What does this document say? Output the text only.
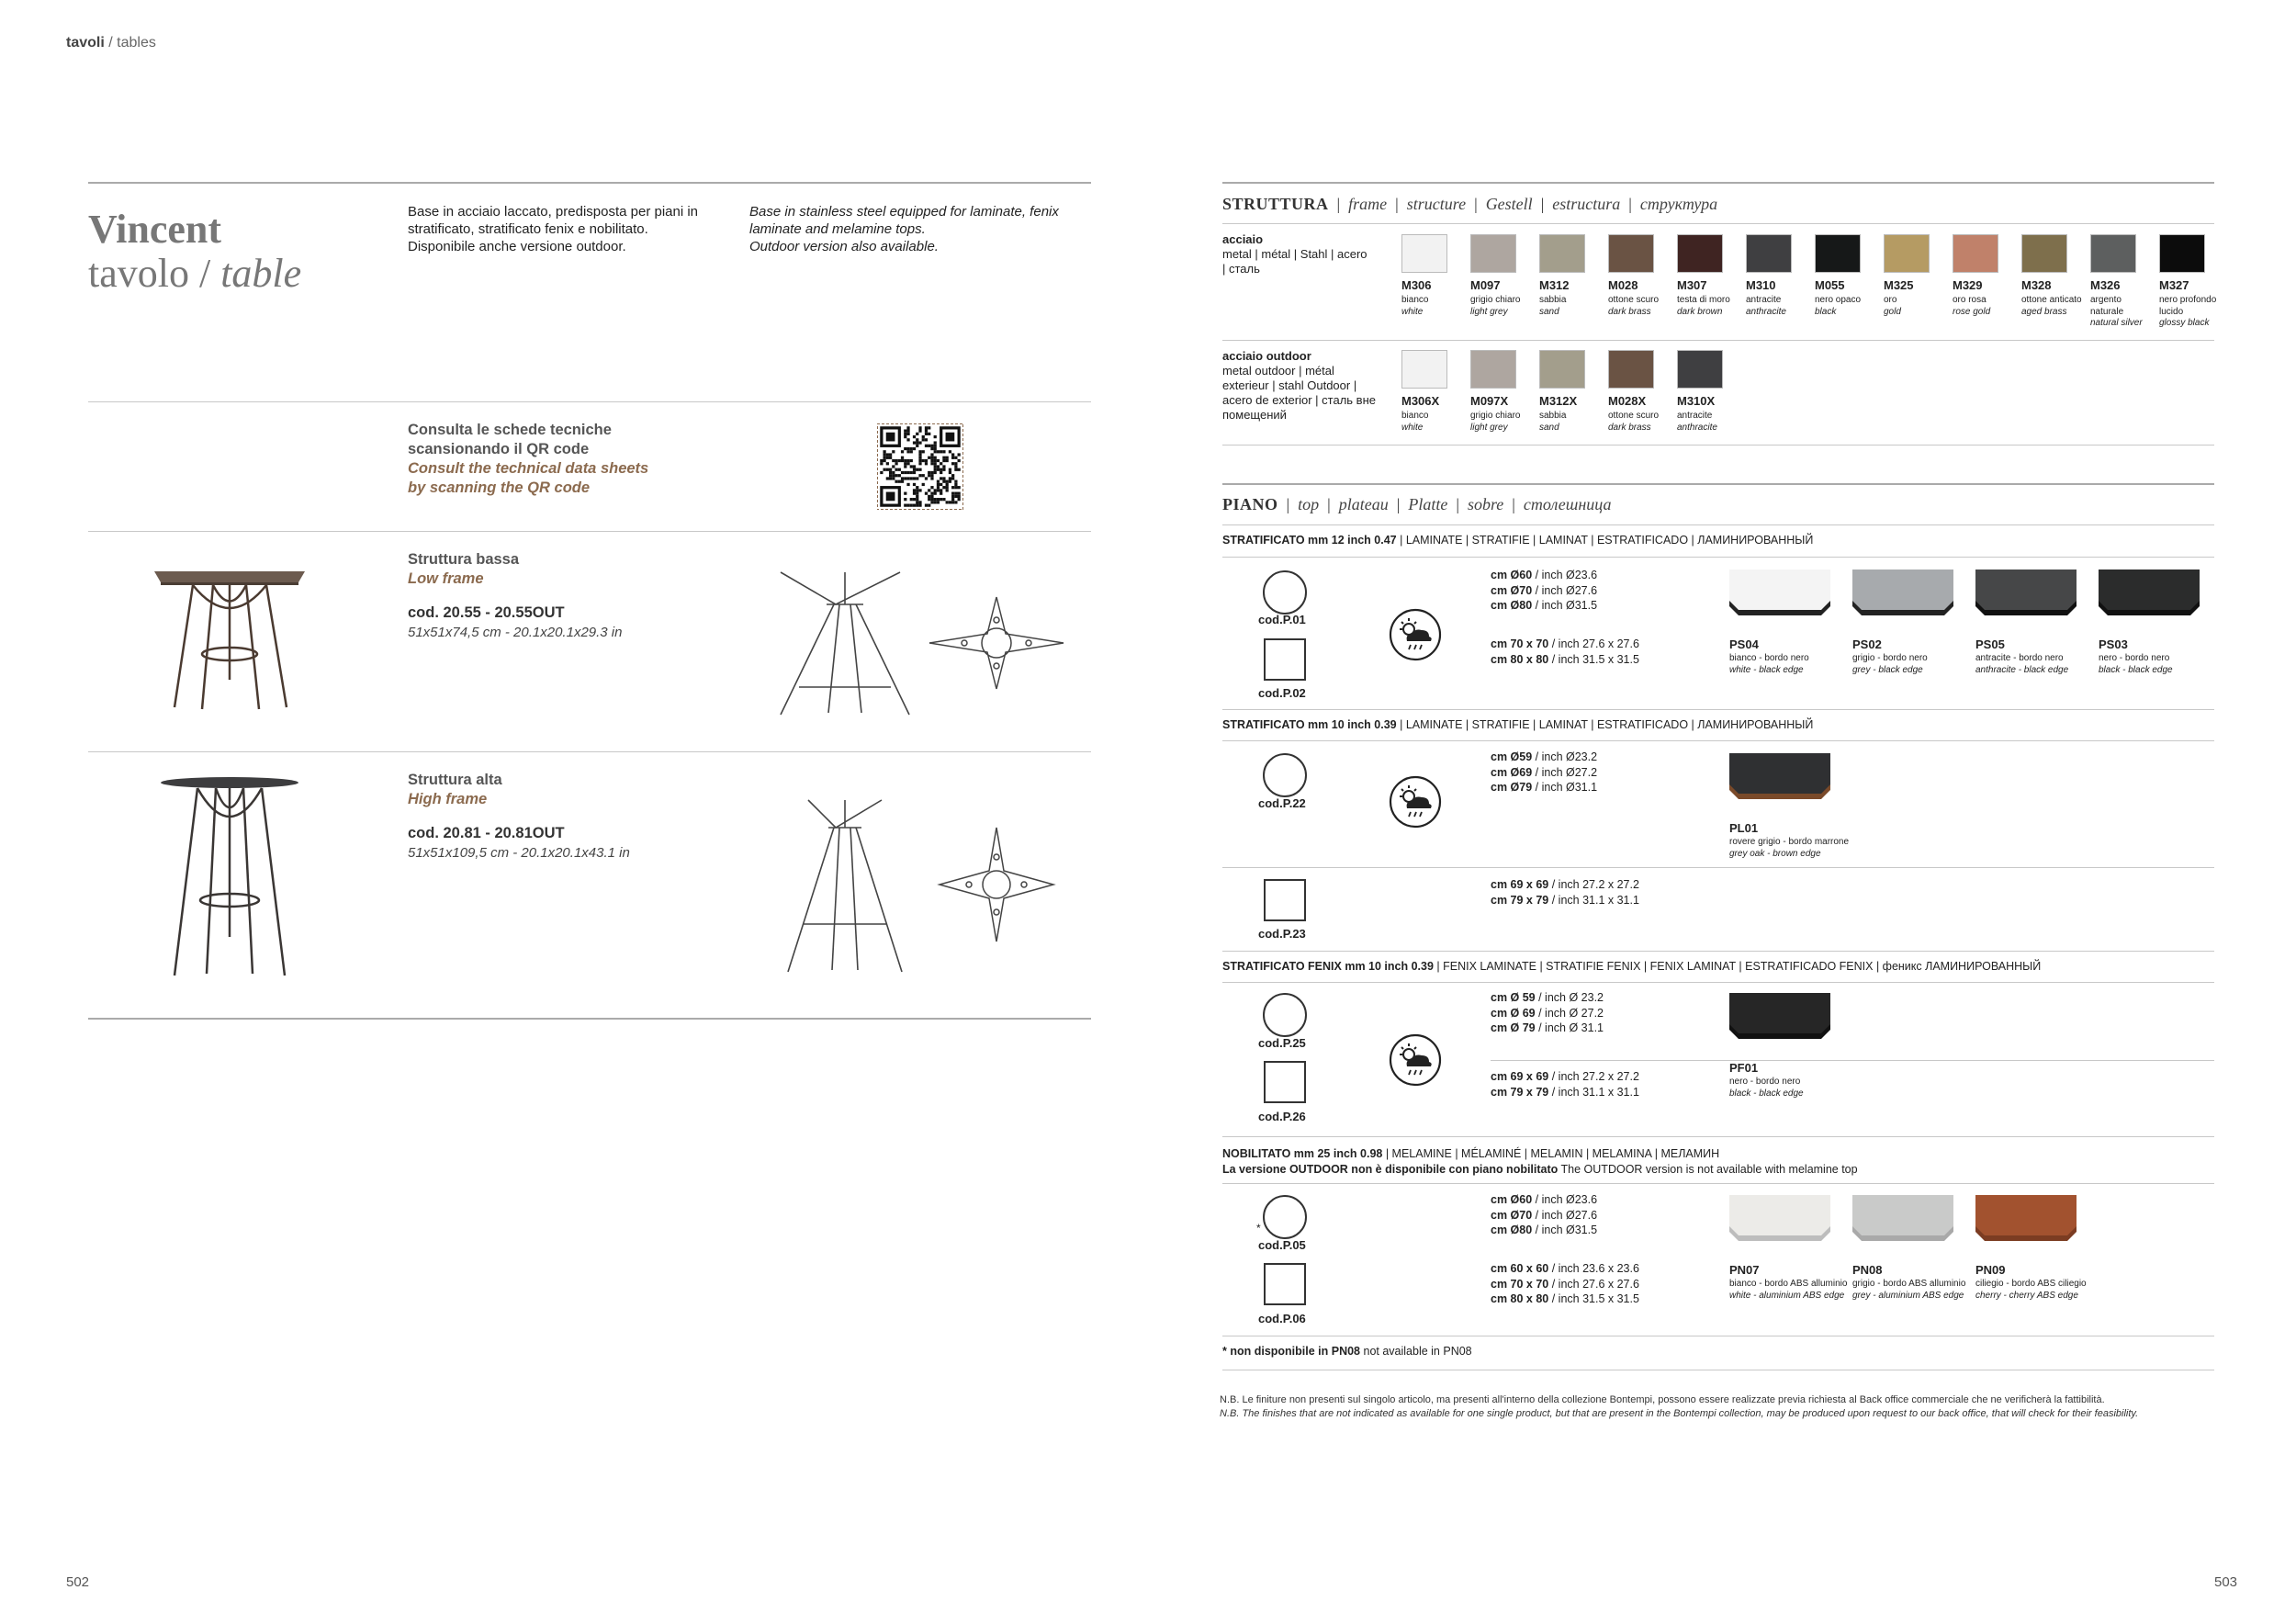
tavoli / tables
Vincent
tavolo / table
Base in acciaio laccato, predisposta per piani in
stratificato, stratificato fenix e nobilitato.
Disponibile anche versione outdoor.
Base in stainless steel equipped for laminate, fenix
laminate and melamine tops.
Outdoor version also available.
Consulta le schede tecniche
scansionando il QR code
Consult the technical data sheets
by scanning the QR code
Struttura bassa
Low frame
cod. 20.55 - 20.55OUT
51x51x74,5 cm - 20.1x20.1x29.3 in
Struttura alta
High frame
cod. 20.81 - 20.81OUT
51x51x109,5 cm - 20.1x20.1x43.1 in
502
STRUTTURA  |  frame  |  structure  |  Gestell  |  estructura  |  структура
acciaio
metal | métal | Stahl | acero
| сталь
M306
bianco
white
M097
grigio chiaro
light grey
M312
sabbia
sand
M028
ottone scuro
dark brass
M307
testa di moro
dark brown
M310
antracite
anthracite
M055
nero opaco
black
M325
oro
gold
M329
oro rosa
rose gold
M328
ottone anticato
aged brass
M326
argento naturale
natural silver
M327
nero profondo lucido
glossy black
acciaio outdoor
metal outdoor | métal
exterieur | stahl Outdoor |
acero de exterior | сталь вне
помещений
M306X
bianco
white
M097X
grigio chiaro
light grey
M312X
sabbia
sand
M028X
ottone scuro
dark brass
M310X
antracite
anthracite
PIANO  |  top  |  plateau  |  Platte  |  sobre  |  столешница
STRATIFICATO mm 12 inch 0.47 | LAMINATE | STRATIFIE | LAMINAT | ESTRATIFICADO | ЛАМИНИРОВАННЫЙ
cod.P.01
cod.P.02
cm Ø60 / inch Ø23.6
cm Ø70 / inch Ø27.6
cm Ø80 / inch Ø31.5
cm 70 x 70 / inch 27.6 x 27.6
cm 80 x 80 / inch 31.5 x 31.5
PS04
bianco - bordo nero
white - black edge
PS02
grigio - bordo nero
grey - black edge
PS05
antracite - bordo nero
anthracite - black edge
PS03
nero - bordo nero
black - black edge
STRATIFICATO mm 10 inch 0.39 | LAMINATE | STRATIFIE | LAMINAT | ESTRATIFICADO | ЛАМИНИРОВАННЫЙ
cod.P.22
cm Ø59 / inch Ø23.2
cm Ø69 / inch Ø27.2
cm Ø79 / inch Ø31.1
PL01
rovere grigio - bordo marrone
grey oak - brown edge
cod.P.23
cm 69 x 69 / inch 27.2 x 27.2
cm 79 x 79 / inch 31.1 x 31.1
STRATIFICATO FENIX mm 10 inch 0.39 | FENIX LAMINATE | STRATIFIE FENIX | FENIX LAMINAT | ESTRATIFICADO FENIX | феникс ЛАМИНИРОВАННЫЙ
cod.P.25
cod.P.26
cm Ø 59 / inch Ø 23.2
cm Ø 69 / inch Ø 27.2
cm Ø 79 / inch Ø 31.1
cm 69 x 69 / inch 27.2 x 27.2
cm 79 x 79 / inch 31.1 x 31.1
PF01
nero - bordo nero
black - black edge
NOBILITATO mm 25 inch 0.98 | MELAMINE | MÉLAMINÉ | MELAMIN | MELAMINA | МЕЛАМИН
La versione OUTDOOR non è disponibile con piano nobilitato The OUTDOOR version is not available with melamine top
*
cod.P.05
cod.P.06
cm Ø60 / inch Ø23.6
cm Ø70 / inch Ø27.6
cm Ø80 / inch Ø31.5
cm 60 x 60 / inch 23.6 x 23.6
cm 70 x 70 / inch 27.6 x 27.6
cm 80 x 80 / inch 31.5 x 31.5
PN07
bianco - bordo ABS alluminio
white - aluminium ABS edge
PN08
grigio - bordo ABS alluminio
grey - aluminium ABS edge
PN09
ciliegio - bordo ABS ciliegio
cherry - cherry ABS edge
* non disponibile in PN08 not available in PN08
N.B. Le finiture non presenti sul singolo articolo, ma presenti all'interno della collezione Bontempi, possono essere realizzate previa richiesta al Back office commerciale che ne verificherà la fattibilità.
N.B. The finishes that are not indicated as available for one single product, but that are present in the Bontempi collection, may be produced upon request to our back office, that will check for their feasibility.
503
